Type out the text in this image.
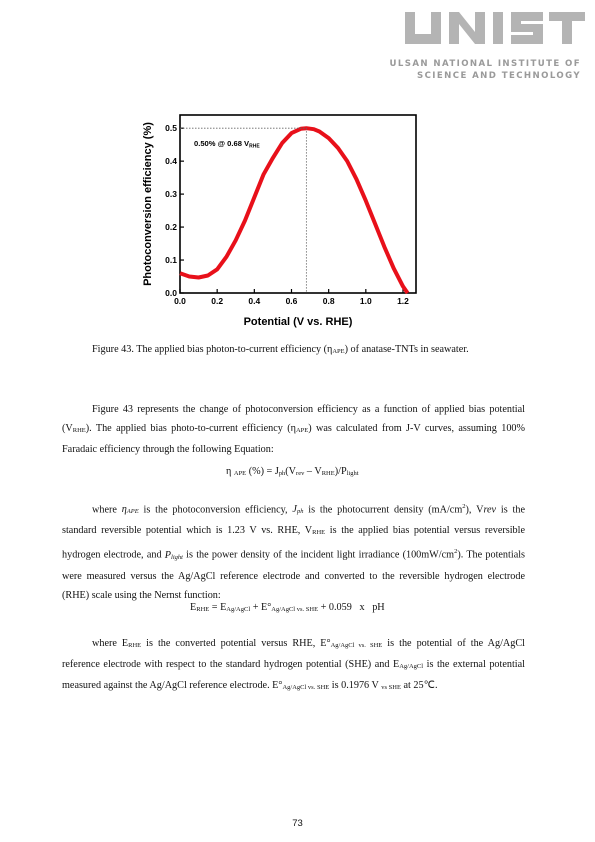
UNIST
ULSAN NATIONAL INSTITUTE OF
SCIENCE AND TECHNOLOGY
0.0	0.2	0.4	0.6	0.8	1.0	1.2
0.0
0.1
0.2
0.3
0.4
0.5
0.50% @ 0.68 VRHE
Potential (V vs. RHE)
Photoconversion efficiency (%)
Figure 43. The applied bias photon-to-current efficiency $(\eta_{APE})$ of anatase-TNTs in seawater.
Figure 43 represents the change of photoconversion efficiency as a function of applied bias potential $(V_{RHE})$. The applied bias photo-to-current efficiency $(\eta_{APE})$ was calculated from J-V curves, assuming 100% Faradaic efficiency through the following Equation:
η $_{APE}$ (%) = $J_{ph}(V_{rev} - V_{RHE})/P_{light}$
where $\eta_{APE}$ is the photoconversion efficiency, $J_{ph}$ is the photocurrent density $(mA/cm^2)$, Vrev is the standard reversible potential which is 1.23 V vs. RHE, $V_{RHE}$ is the applied bias potential versus reversible hydrogen electrode, and $P_{light}$ is the power density of the incident light irradiance $(100mW/cm^2)$. The potentials were measured versus the Ag/AgCl reference electrode and converted to the reversible hydrogen electrode (RHE) scale using the Nernst function:
$E_{RHE} = E_{Ag/AgCl} + E^\circ_{Ag/AgCl vs. SHE} + 0.059$   x   pH
where $E_{RHE}$ is the converted potential versus RHE, $E^\circ_{Ag/AgCl vs. SHE}$ is the potential of the Ag/AgCl reference electrode with respect to the standard hydrogen potential (SHE) and $E_{Ag/AgCl}$ is the external potential measured against the Ag/AgCl reference electrode. $E^\circ_{Ag/AgCl vs. SHE}$ is 0.1976 V $_{vs SHE}$ at 25℃.
73
